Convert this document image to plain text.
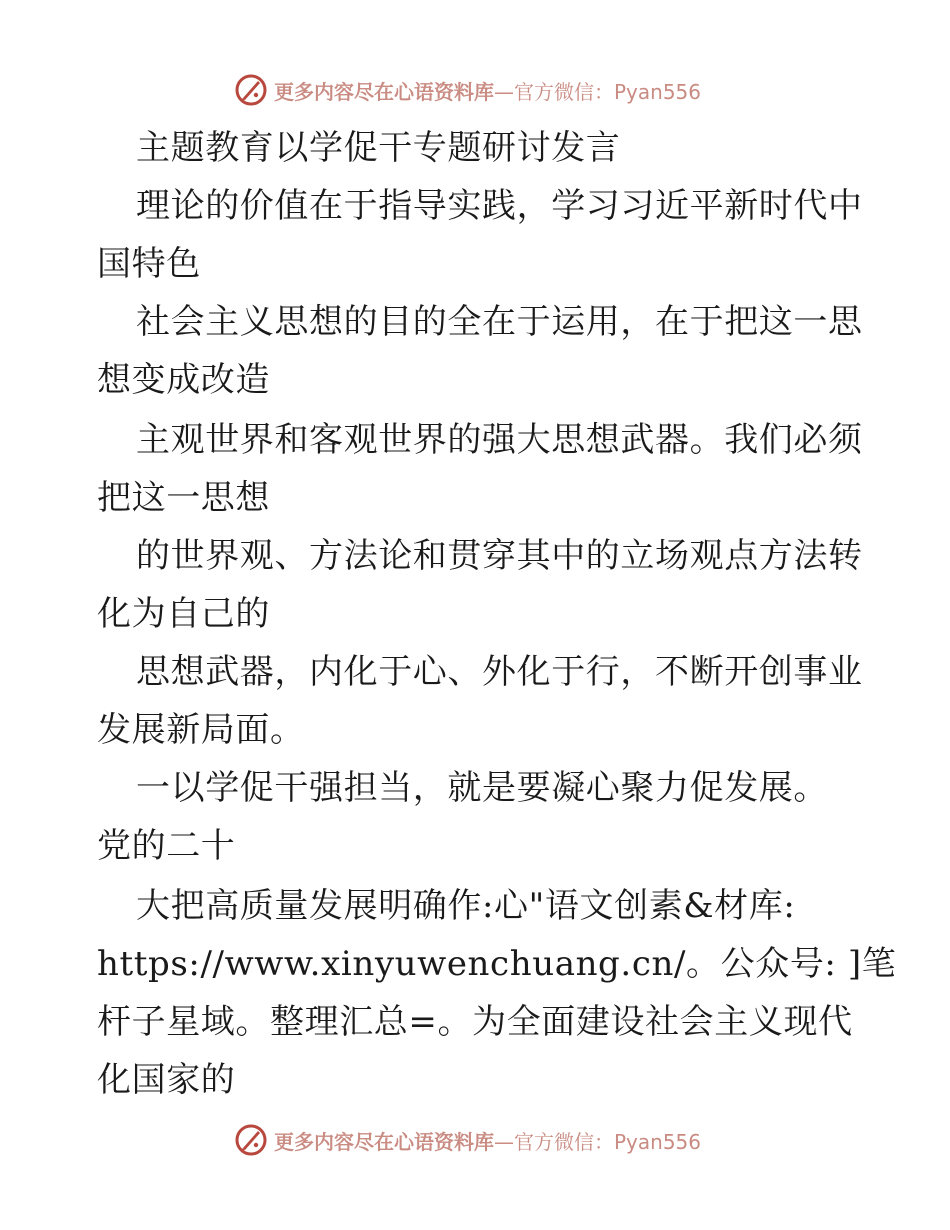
更多内容尽在心语资料库 —官方微信：Pyan556
主题教育以学促干专题研讨发言
理论的价值在于指导实践，学习习近平新时代中
国特色
社会主义思想的目的全在于运用，在于把这一思
想变成改造
主观世界和客观世界的强大思想武器。我们必须
把这一思想
的世界观、方法论和贯穿其中的立场观点方法转
化为自己的
思想武器，内化于心、外化于行，不断开创事业
发展新局面。
一以学促干强担当，就是要凝心聚力促发展。
党的二十
大把高质量发展明确作:心"语文创素&材库:
https://www.xinyuwenchuang.cn/。公众号: ]笔
杆子星域。整理汇总=。为全面建设社会主义现代
化国家的
更多内容尽在心语资料库 —官方微信：Pyan556
